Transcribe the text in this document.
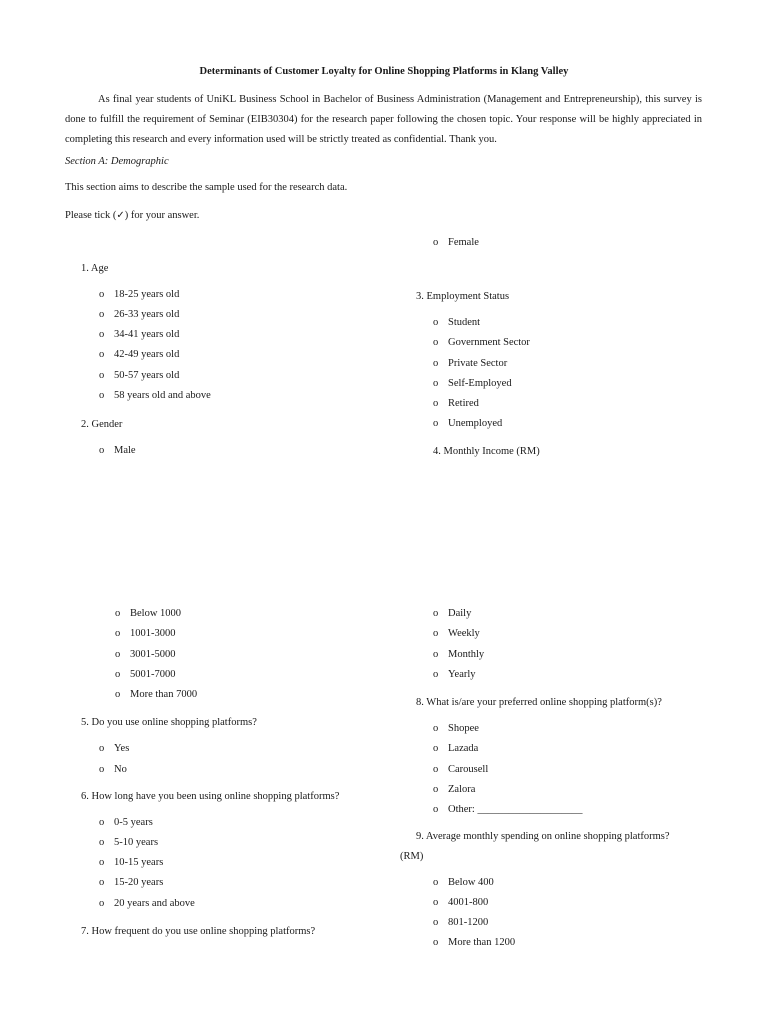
Determinants of Customer Loyalty for Online Shopping Platforms in Klang Valley
As final year students of UniKL Business School in Bachelor of Business Administration (Management and Entrepreneurship), this survey is done to fulfill the requirement of Seminar (EIB30304) for the research paper following the chosen topic. Your response will be highly appreciated in completing this research and every information used will be strictly treated as confidential. Thank you.
Section A: Demographic
This section aims to describe the sample used for the research data.
Please tick (✓) for your answer.
1. Age
o 18-25 years old
o 26-33 years old
o 34-41 years old
o 42-49 years old
o 50-57 years old
o 58 years old and above
2. Gender
o Male
o Female
3. Employment Status
o Student
o Government Sector
o Private Sector
o Self-Employed
o Retired
o Unemployed
4. Monthly Income (RM)
o Below 1000
o 1001-3000
o 3001-5000
o 5001-7000
o More than 7000
5. Do you use online shopping platforms?
o Yes
o No
6. How long have you been using online shopping platforms?
o 0-5 years
o 5-10 years
o 10-15 years
o 15-20 years
o 20 years and above
7. How frequent do you use online shopping platforms?
o Daily
o Weekly
o Monthly
o Yearly
8. What is/are your preferred online shopping platform(s)?
o Shopee
o Lazada
o Carousell
o Zalora
o Other: ____________________
9. Average monthly spending on online shopping platforms?
(RM)
o Below 400
o 4001-800
o 801-1200
o More than 1200
